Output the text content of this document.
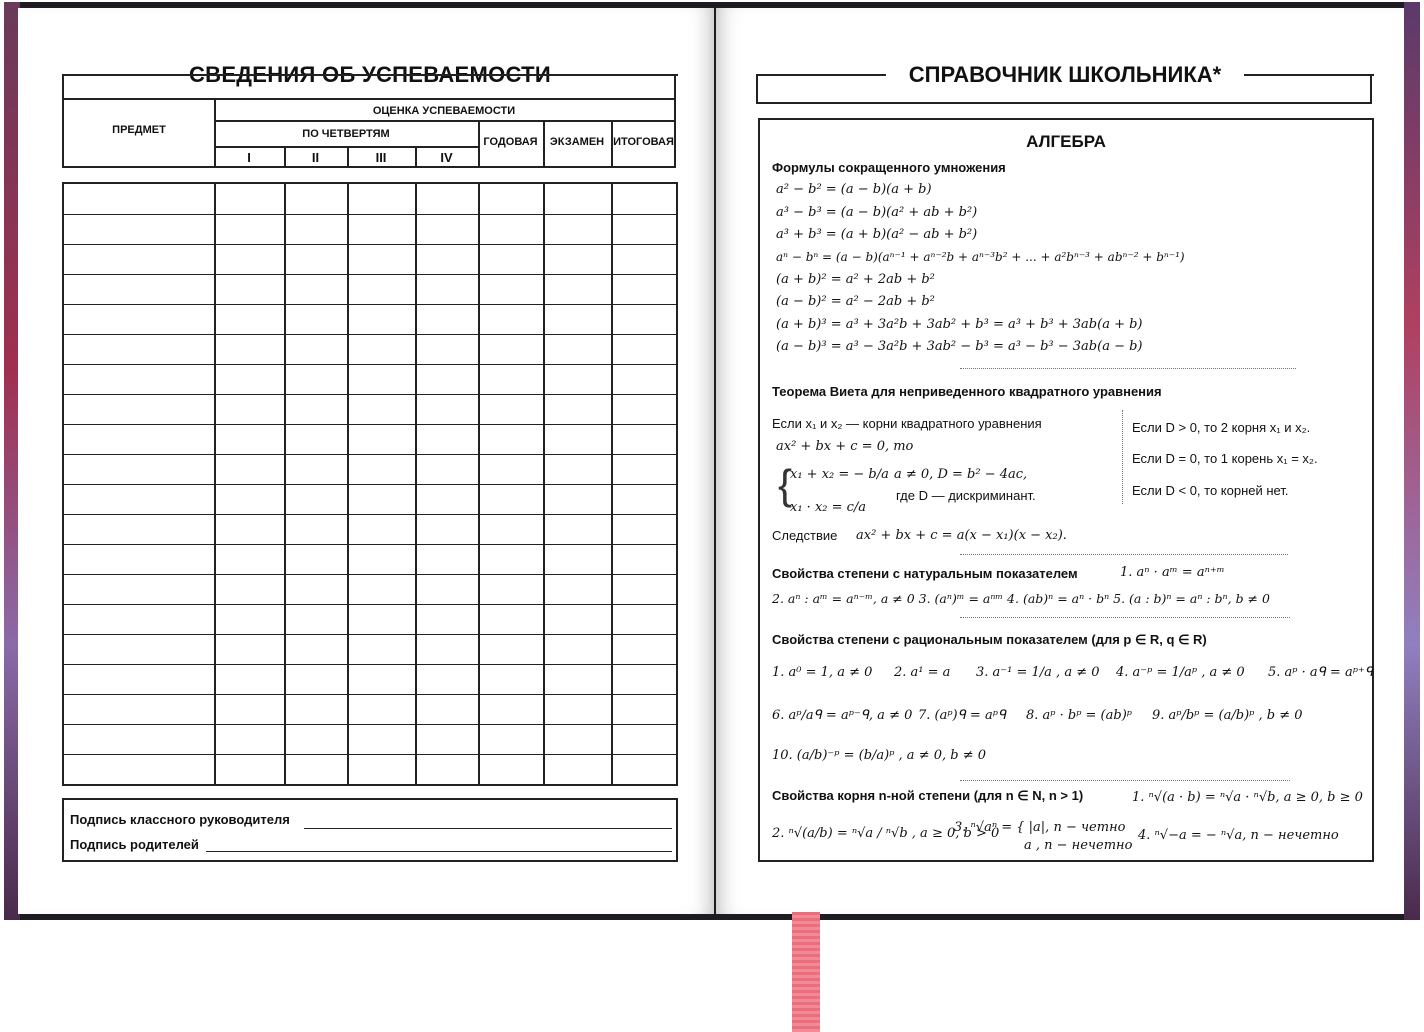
СВЕДЕНИЯ ОБ УСПЕВАЕМОСТИ
ПРЕДМЕТ
ОЦЕНКА УСПЕВАЕМОСТИ
ПО ЧЕТВЕРТЯМ
I	II	III	IV
ГОДОВАЯ	ЭКЗАМЕН ИТОГОВАЯ
Подпись классного руководителя
Подпись родителей
СПРАВОЧНИК ШКОЛЬНИКА*
АЛГЕБРА
Формулы сокращенного умножения
a² − b² = (a − b)(a + b)
a³ − b³ = (a − b)(a² + ab + b²)
a³ + b³ = (a + b)(a² − ab + b²)
aⁿ − bⁿ = (a − b)(aⁿ⁻¹ + aⁿ⁻²b + aⁿ⁻³b² + ... + a²bⁿ⁻³ + abⁿ⁻² + bⁿ⁻¹)
(a + b)² = a² + 2ab + b²
(a − b)² = a² − 2ab + b²
(a + b)³ = a³ + 3a²b + 3ab² + b³ = a³ + b³ + 3ab(a + b)
(a − b)³ = a³ − 3a²b + 3ab² − b³ = a³ − b³ − 3ab(a − b)
Теорема Виета для неприведенного квадратного уравнения
Если x₁ и x₂ — корни квадратного уравнения
ax² + bx + c = 0, то
{
x₁ + x₂ = − b/a
x₁ · x₂ = c/a
a ≠ 0, D = b² − 4ac,
где D — дискриминант.
Следствие ax² + bx + c = a(x − x₁)(x − x₂).
Если D > 0, то 2 корня x₁ и x₂.
Если D = 0, то 1 корень x₁ = x₂.
Если D < 0, то корней нет.
Свойства степени с натуральным показателем	1. aⁿ · aᵐ = aⁿ⁺ᵐ
2. aⁿ : aᵐ = aⁿ⁻ᵐ, a ≠ 0 3. (aⁿ)ᵐ = aⁿᵐ 4. (ab)ⁿ = aⁿ · bⁿ 5. (a : b)ⁿ = aⁿ : bⁿ, b ≠ 0
Свойства степени с рациональным показателем (для p ∈ R, q ∈ R)
1. a⁰ = 1, a ≠ 0 2. a¹ = a 3. a⁻¹ = 1/a , a ≠ 0 4. a⁻ᵖ = 1/aᵖ , a ≠ 0 5. aᵖ · aᑫ = aᵖ⁺ᑫ
6. aᵖ/aᑫ = aᵖ⁻ᑫ, a ≠ 0 7. (aᵖ)ᑫ = aᵖᑫ 8. aᵖ · bᵖ = (ab)ᵖ 9. aᵖ/bᵖ = (a/b)ᵖ , b ≠ 0
10. (a/b)⁻ᵖ = (b/a)ᵖ , a ≠ 0, b ≠ 0
Свойства корня n-ной степени (для n ∈ N, n > 1)	1. ⁿ√(a · b) = ⁿ√a · ⁿ√b, a ≥ 0, b ≥ 0
2. ⁿ√(a/b) = ⁿ√a / ⁿ√b , a ≥ 0, b > 0
3. ⁿ√aⁿ = { |a|, n − четно
a , n − нечетно
4. ⁿ√−a = − ⁿ√a, n − нечетно
